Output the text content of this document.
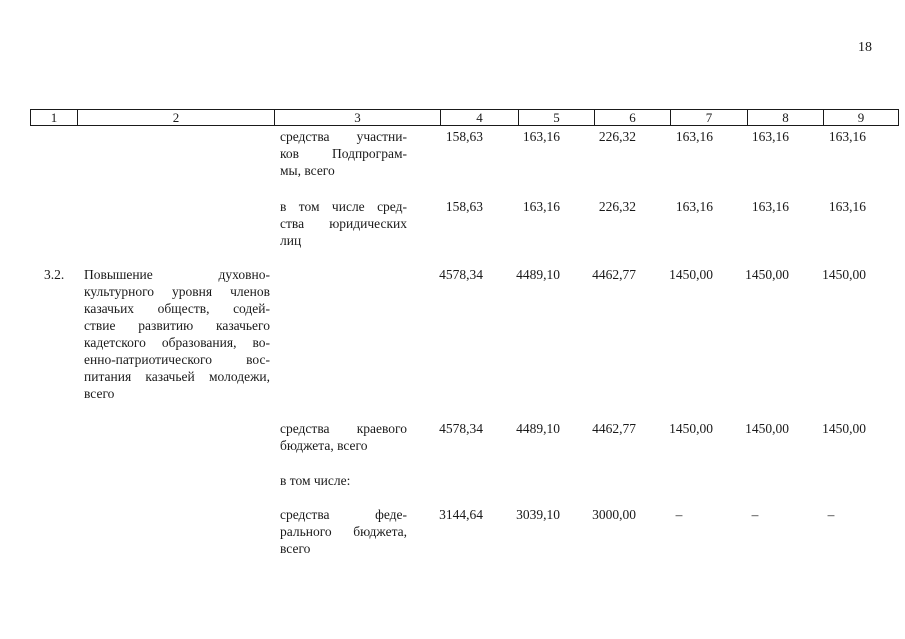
18
1	2	3	4	5	6	7	8	9
средства участни-
ков Подпрограм-
мы, всего
158,63	163,16	226,32	163,16	163,16	163,16
в том числе сред-
ства юридических
лиц
158,63	163,16	226,32	163,16	163,16	163,16
3.2.	Повышение духовно-
культурного уровня членов
казачьих обществ, содей-
ствие развитию казачьего
кадетского образования, во-
енно-патриотического вос-
питания казачьей молодежи,
всего
4578,34	4489,10	4462,77	1450,00	1450,00	1450,00
средства краевого
бюджета, всего
4578,34	4489,10	4462,77	1450,00	1450,00	1450,00
в том числе:
средства феде-
рального бюджета,
всего
3144,64	3039,10	3000,00	–	–	–
